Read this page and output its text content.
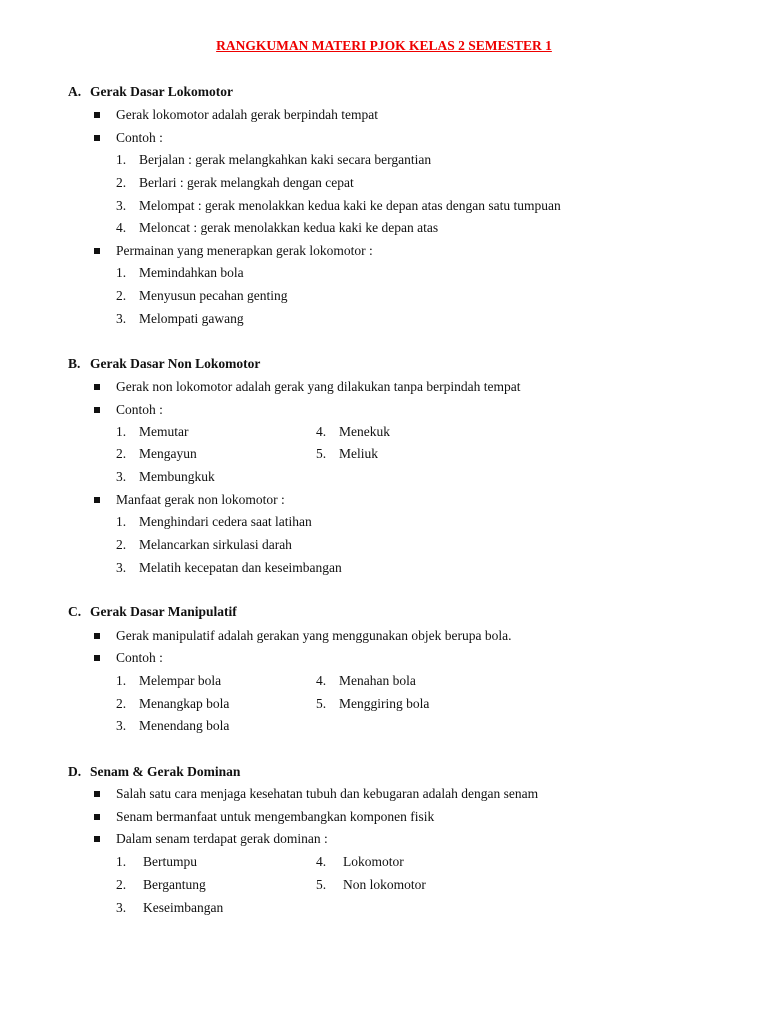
RANGKUMAN MATERI PJOK KELAS 2 SEMESTER 1
A. Gerak Dasar Lokomotor
Gerak lokomotor adalah gerak berpindah tempat
Contoh :
1. Berjalan : gerak melangkahkan kaki secara bergantian
2. Berlari : gerak melangkah dengan cepat
3. Melompat : gerak menolakkan kedua kaki ke depan atas dengan satu tumpuan
4. Meloncat : gerak menolakkan kedua kaki ke depan atas
Permainan yang menerapkan gerak lokomotor :
1. Memindahkan bola
2. Menyusun pecahan genting
3. Melompati gawang
B. Gerak Dasar Non Lokomotor
Gerak non lokomotor adalah gerak yang dilakukan tanpa berpindah tempat
Contoh :
1. Memutar	4. Menekuk
2. Mengayun	5. Meliuk
3. Membungkuk
Manfaat gerak non lokomotor :
1. Menghindari cedera saat latihan
2. Melancarkan sirkulasi darah
3. Melatih kecepatan dan keseimbangan
C. Gerak Dasar Manipulatif
Gerak manipulatif adalah gerakan yang menggunakan objek berupa bola.
Contoh :
1. Melempar bola	4. Menahan bola
2. Menangkap bola	5. Menggiring bola
3. Menendang bola
D. Senam & Gerak Dominan
Salah satu cara menjaga kesehatan tubuh dan kebugaran adalah dengan senam
Senam bermanfaat untuk mengembangkan komponen fisik
Dalam senam terdapat gerak dominan :
1. Bertumpu	4. Lokomotor
2. Bergantung	5. Non lokomotor
3. Keseimbangan
